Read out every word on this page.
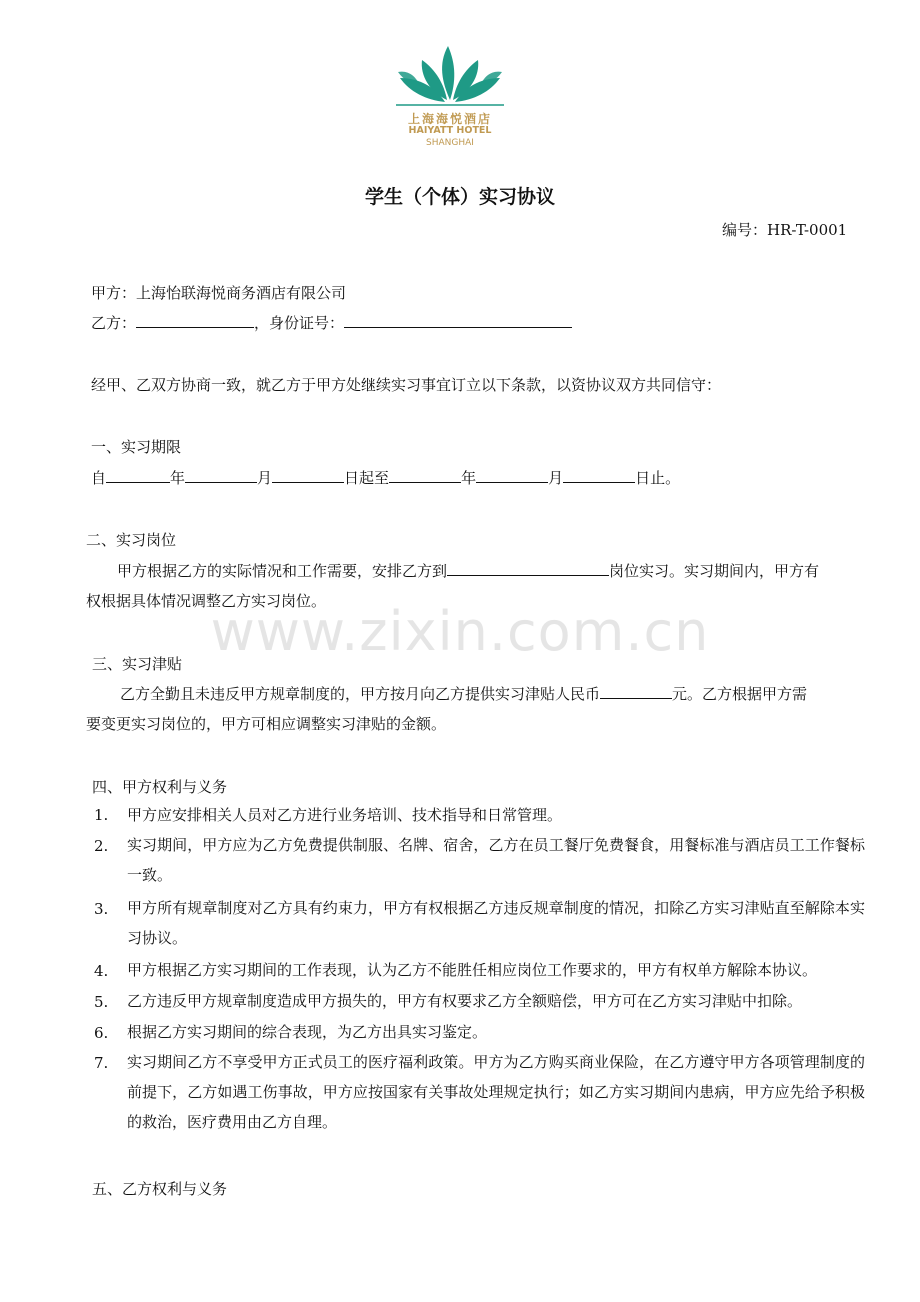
上海海悦酒店
HAIYATT HOTEL
SHANGHAI
学生（个体）实习协议
编号：HR-T-0001
甲方：上海怡联海悦商务酒店有限公司
乙方：	，身份证号：
经甲、乙双方协商一致，就乙方于甲方处继续实习事宜订立以下条款，以资协议双方共同信守：
一、实习期限
自	年	月	日起至	年	月	日止。
二、实习岗位
甲方根据乙方的实际情况和工作需要，安排乙方到	岗位实习。实习期间内，甲方有
权根据具体情况调整乙方实习岗位。
www.zixin.com.cn
三、实习津贴
乙方全勤且未违反甲方规章制度的，甲方按月向乙方提供实习津贴人民币	元。乙方根据甲方需
要变更实习岗位的，甲方可相应调整实习津贴的金额。
四、甲方权利与义务
1. 甲方应安排相关人员对乙方进行业务培训、技术指导和日常管理。
2. 实习期间，甲方应为乙方免费提供制服、名牌、宿舍，乙方在员工餐厅免费餐食，用餐标准与酒店员工工作餐标一致。
3. 甲方所有规章制度对乙方具有约束力，甲方有权根据乙方违反规章制度的情况，扣除乙方实习津贴直至解除本实习协议。
4. 甲方根据乙方实习期间的工作表现，认为乙方不能胜任相应岗位工作要求的，甲方有权单方解除本协议。
5. 乙方违反甲方规章制度造成甲方损失的，甲方有权要求乙方全额赔偿，甲方可在乙方实习津贴中扣除。
6. 根据乙方实习期间的综合表现，为乙方出具实习鉴定。
7. 实习期间乙方不享受甲方正式员工的医疗福利政策。甲方为乙方购买商业保险，在乙方遵守甲方各项管理制度的前提下，乙方如遇工伤事故，甲方应按国家有关事故处理规定执行；如乙方实习期间内患病，甲方应先给予积极的救治，医疗费用由乙方自理。
五、乙方权利与义务
